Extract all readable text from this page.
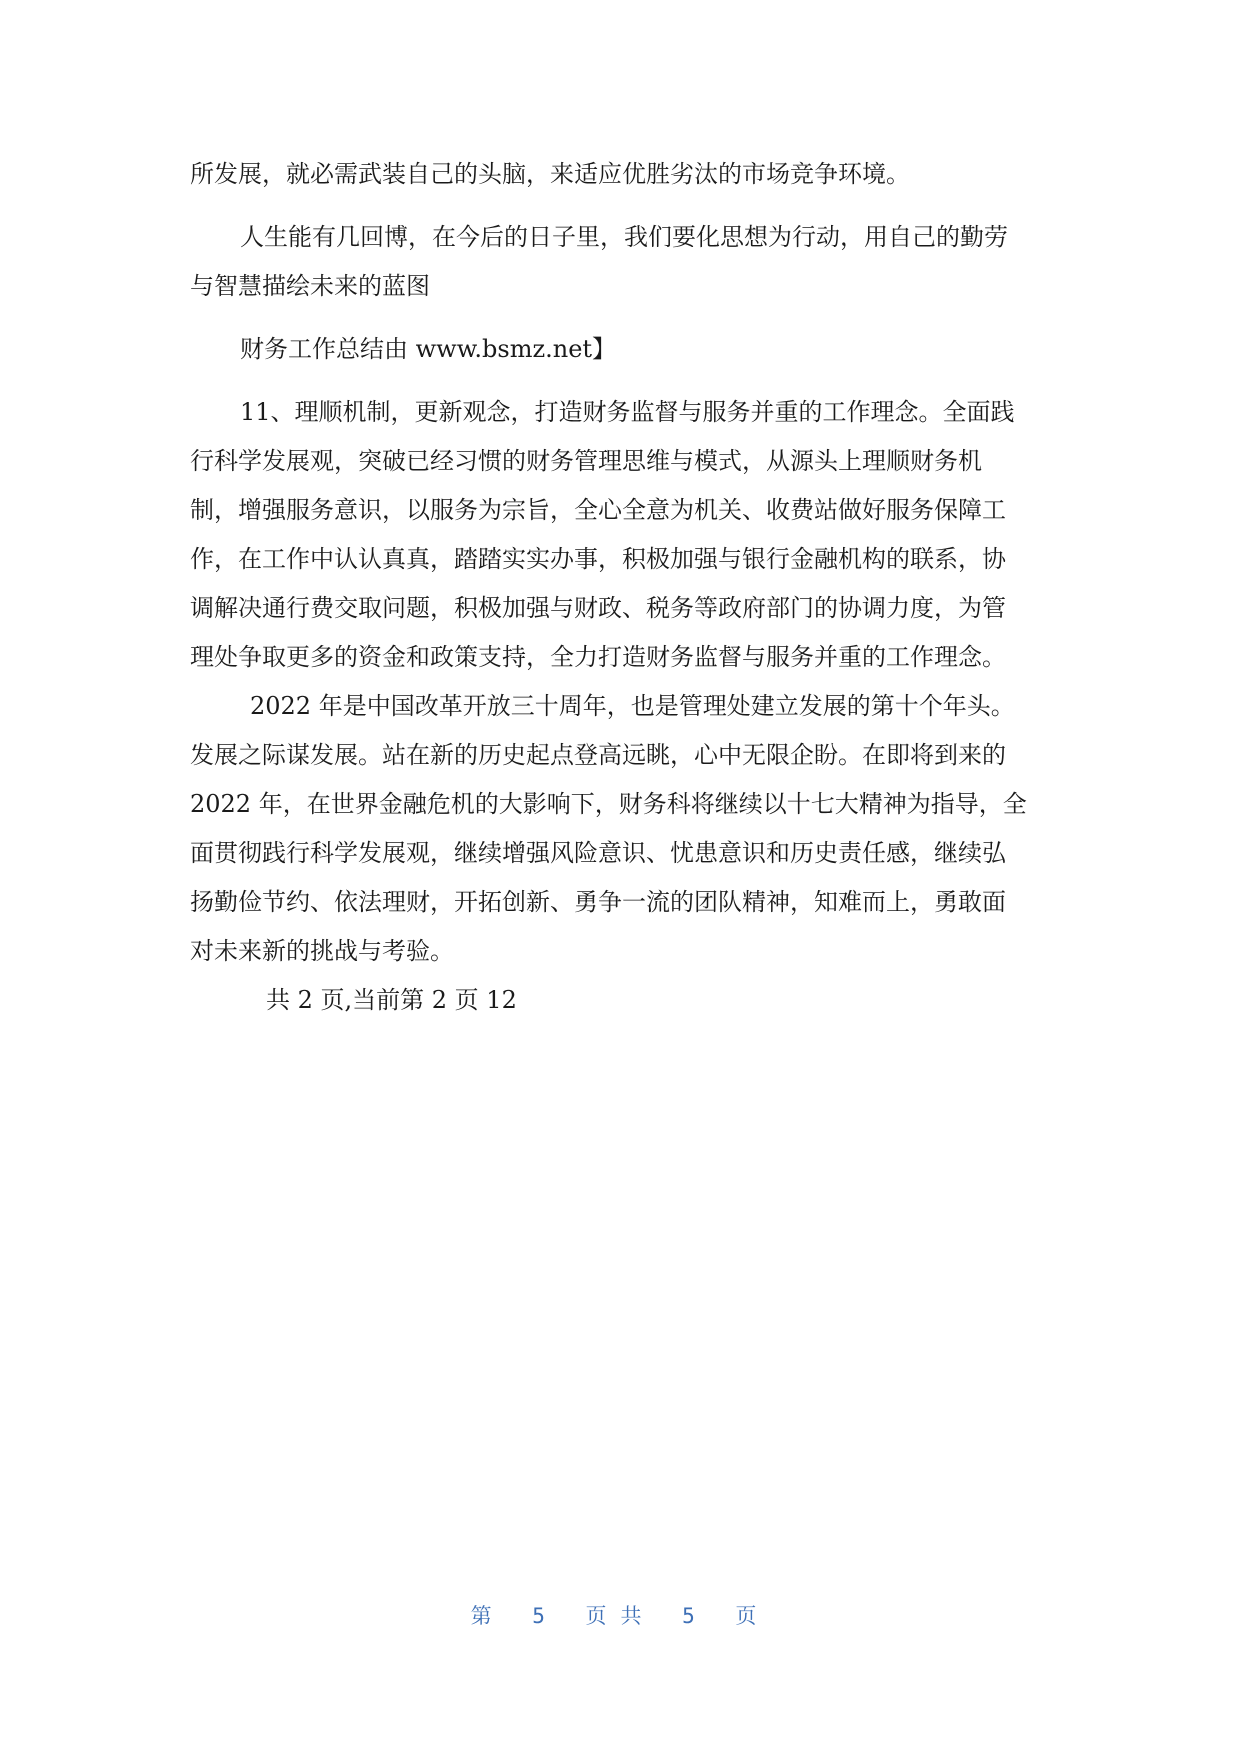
所发展，就必需武装自己的头脑，来适应优胜劣汰的市场竞争环境。
人生能有几回博，在今后的日子里，我们要化思想为行动，用自己的勤劳
与智慧描绘未来的蓝图
财务工作总结由 www.bsmz.net】
11、理顺机制，更新观念，打造财务监督与服务并重的工作理念。全面践
行科学发展观，突破已经习惯的财务管理思维与模式，从源头上理顺财务机
制，增强服务意识，以服务为宗旨，全心全意为机关、收费站做好服务保障工
作，在工作中认认真真，踏踏实实办事，积极加强与银行金融机构的联系，协
调解决通行费交取问题，积极加强与财政、税务等政府部门的协调力度，为管
理处争取更多的资金和政策支持，全力打造财务监督与服务并重的工作理念。
2022 年是中国改革开放三十周年，也是管理处建立发展的第十个年头。
发展之际谋发展。站在新的历史起点登高远眺，心中无限企盼。在即将到来的
2022 年，在世界金融危机的大影响下，财务科将继续以十七大精神为指导，全
面贯彻践行科学发展观，继续增强风险意识、忧患意识和历史责任感，继续弘
扬勤俭节约、依法理财，开拓创新、勇争一流的团队精神，知难而上，勇敢面
对未来新的挑战与考验。
共 2 页,当前第 2 页 12
第 5 页共 5 页
